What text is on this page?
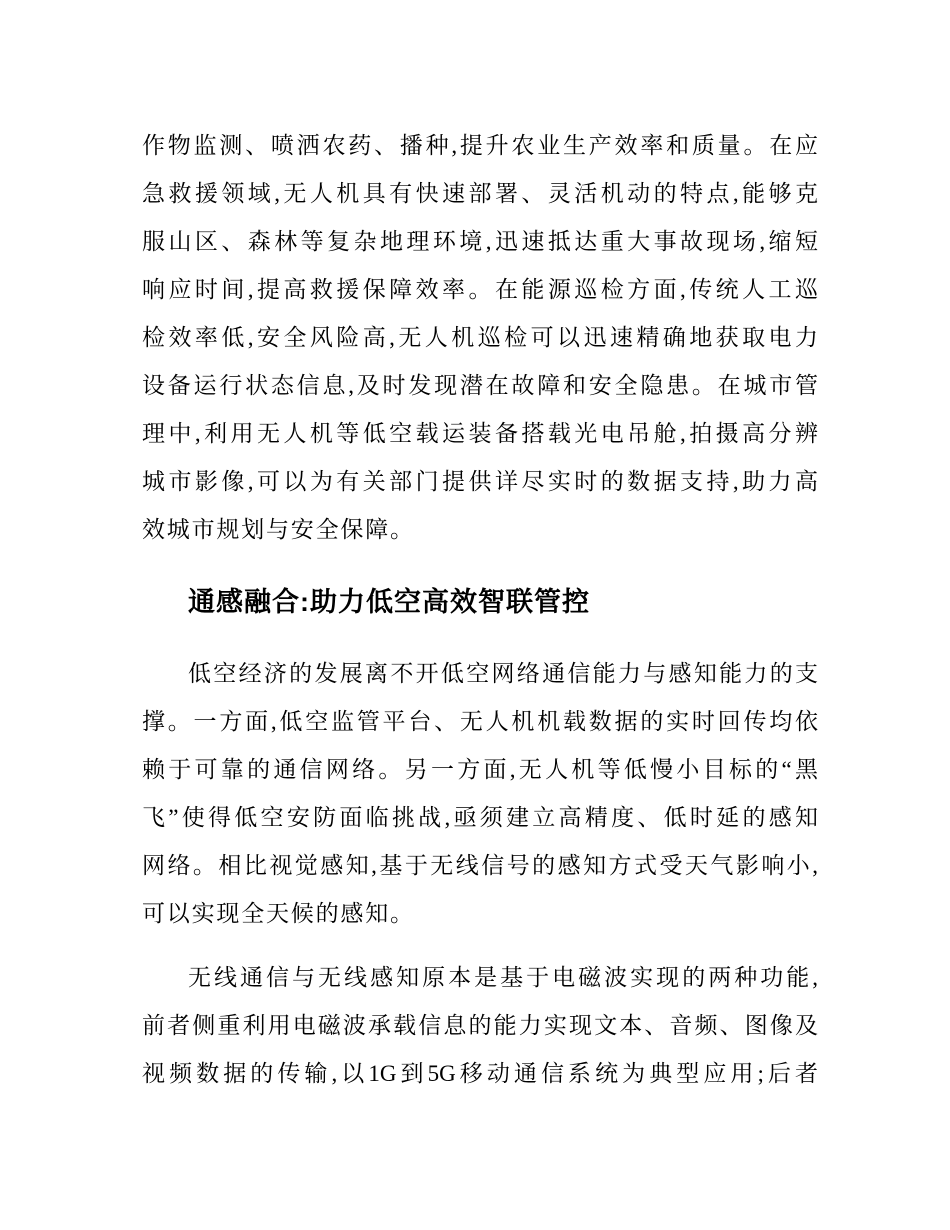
作物监测、喷洒农药、播种,提升农业生产效率和质量。在应
急救援领域,无人机具有快速部署、灵活机动的特点,能够克
服山区、森林等复杂地理环境,迅速抵达重大事故现场,缩短
响应时间,提高救援保障效率。在能源巡检方面,传统人工巡
检效率低,安全风险高,无人机巡检可以迅速精确地获取电力
设备运行状态信息,及时发现潜在故障和安全隐患。在城市管
理中,利用无人机等低空载运装备搭载光电吊舱,拍摄高分辨
城市影像,可以为有关部门提供详尽实时的数据支持,助力高
效城市规划与安全保障。
通感融合:助力低空高效智联管控
低空经济的发展离不开低空网络通信能力与感知能力的支
撑。一方面,低空监管平台、无人机机载数据的实时回传均依
赖于可靠的通信网络。另一方面,无人机等低慢小目标的“黑
飞”使得低空安防面临挑战,亟须建立高精度、低时延的感知
网络。相比视觉感知,基于无线信号的感知方式受天气影响小,
可以实现全天候的感知。
无线通信与无线感知原本是基于电磁波实现的两种功能,
前者侧重利用电磁波承载信息的能力实现文本、音频、图像及
视频数据的传输,以1G到5G移动通信系统为典型应用;后者
